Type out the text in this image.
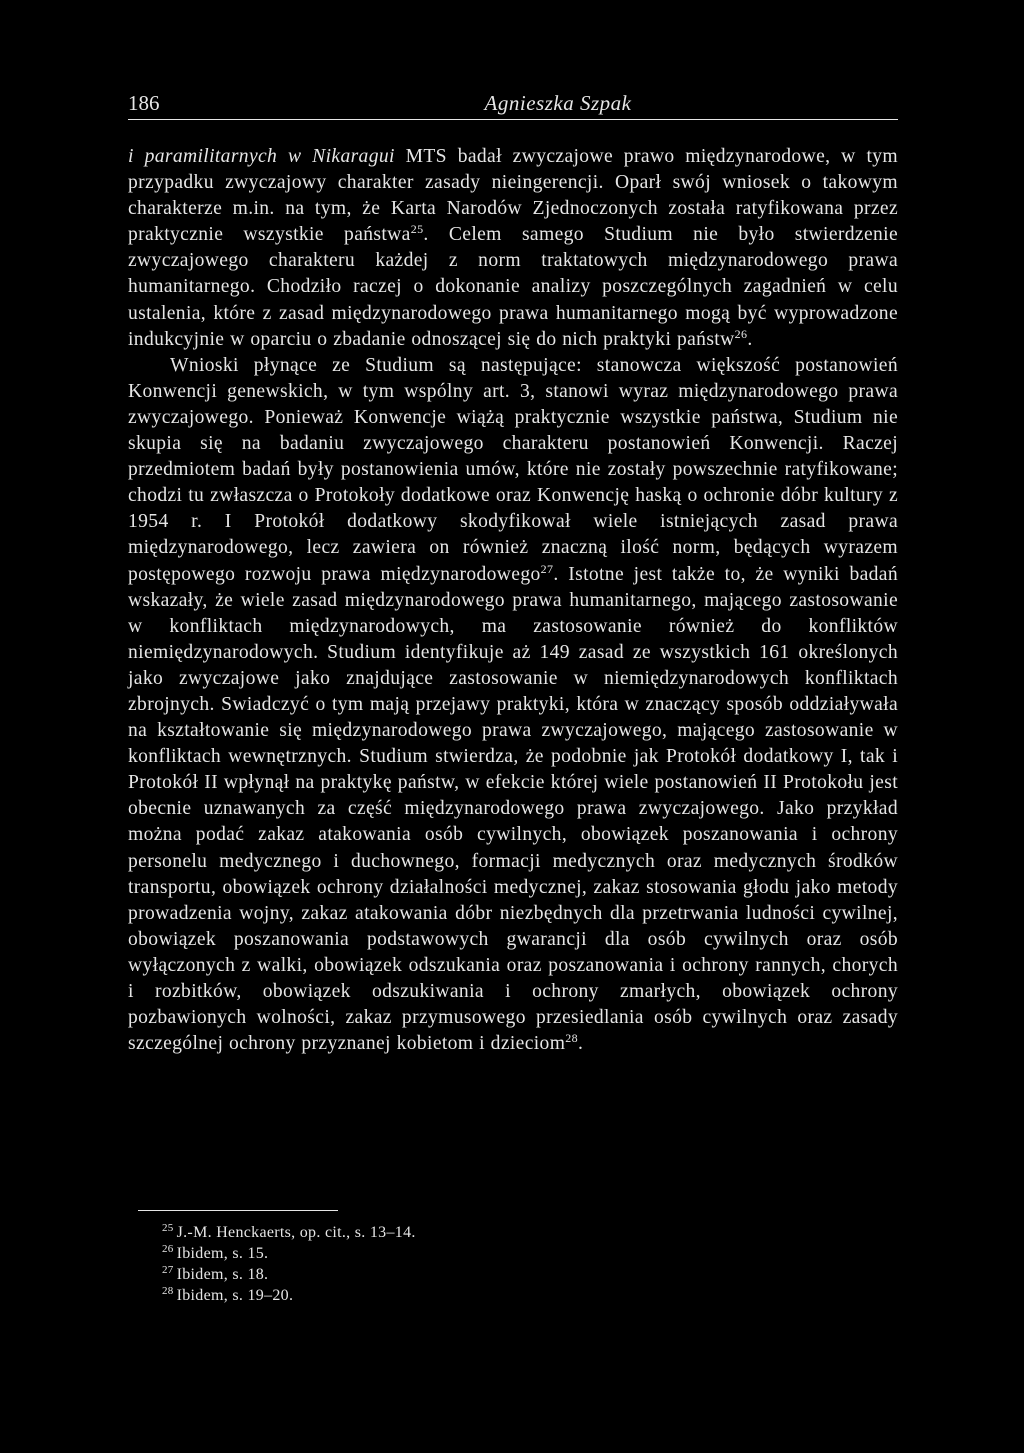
186	Agnieszka Szpak

i paramilitarnych w Nikaragui MTS badał zwyczajowe prawo międzynarodowe, w tym przypadku zwyczajowy charakter zasady nieingerencji. Oparł swój wniosek o takowym charakterze m.in. na tym, że Karta Narodów Zjednoczonych została ratyfikowana przez praktycznie wszystkie państwa$^{25}$. Celem samego Studium nie było stwierdzenie zwyczajowego charakteru każdej z norm traktatowych międzynarodowego prawa humanitarnego. Chodziło raczej o dokonanie analizy poszczególnych zagadnień w celu ustalenia, które z zasad międzynarodowego prawa humanitarnego mogą być wyprowadzone indukcyjnie w oparciu o zbadanie odnoszącej się do nich praktyki państw$^{26}$.

Wnioski płynące ze Studium są następujące: stanowcza większość postanowień Konwencji genewskich, w tym wspólny art. 3, stanowi wyraz międzynarodowego prawa zwyczajowego. Ponieważ Konwencje wiążą praktycznie wszystkie państwa, Studium nie skupia się na badaniu zwyczajowego charakteru postanowień Konwencji. Raczej przedmiotem badań były postanowienia umów, które nie zostały powszechnie ratyfikowane; chodzi tu zwłaszcza o Protokoły dodatkowe oraz Konwencję haską o ochronie dóbr kultury z 1954 r. I Protokół dodatkowy skodyfikował wiele istniejących zasad prawa międzynarodowego, lecz zawiera on również znaczną ilość norm, będących wyrazem postępowego rozwoju prawa międzynarodowego$^{27}$. Istotne jest także to, że wyniki badań wskazały, że wiele zasad międzynarodowego prawa humanitarnego, mającego zastosowanie w konfliktach międzynarodowych, ma zastosowanie również do konfliktów niemiędzynarodowych. Studium identyfikuje aż 149 zasad ze wszystkich 161 określonych jako zwyczajowe jako znajdujące zastosowanie w niemiędzynarodowych konfliktach zbrojnych. Swiadczyć o tym mają przejawy praktyki, która w znaczący sposób oddziaływała na kształtowanie się międzynarodowego prawa zwyczajowego, mającego zastosowanie w konfliktach wewnętrznych. Studium stwierdza, że podobnie jak Protokół dodatkowy I, tak i Protokół II wpłynął na praktykę państw, w efekcie której wiele postanowień II Protokołu jest obecnie uznawanych za część międzynarodowego prawa zwyczajowego. Jako przykład można podać zakaz atakowania osób cywilnych, obowiązek poszanowania i ochrony personelu medycznego i duchownego, formacji medycznych oraz medycznych środków transportu, obowiązek ochrony działalności medycznej, zakaz stosowania głodu jako metody prowadzenia wojny, zakaz atakowania dóbr niezbędnych dla przetrwania ludności cywilnej, obowiązek poszanowania podstawowych gwarancji dla osób cywilnych oraz osób wyłączonych z walki, obowiązek odszukania oraz poszanowania i ochrony rannych, chorych i rozbitków, obowiązek odszukiwania i ochrony zmarłych, obowiązek ochrony pozbawionych wolności, zakaz przymusowego przesiedlania osób cywilnych oraz zasady szczególnej ochrony przyznanej kobietom i dzieciom$^{28}$.

$^{25}$ J.-M. Henckaerts, op. cit., s. 13–14.
$^{26}$ Ibidem, s. 15.
$^{27}$ Ibidem, s. 18.
$^{28}$ Ibidem, s. 19–20.
